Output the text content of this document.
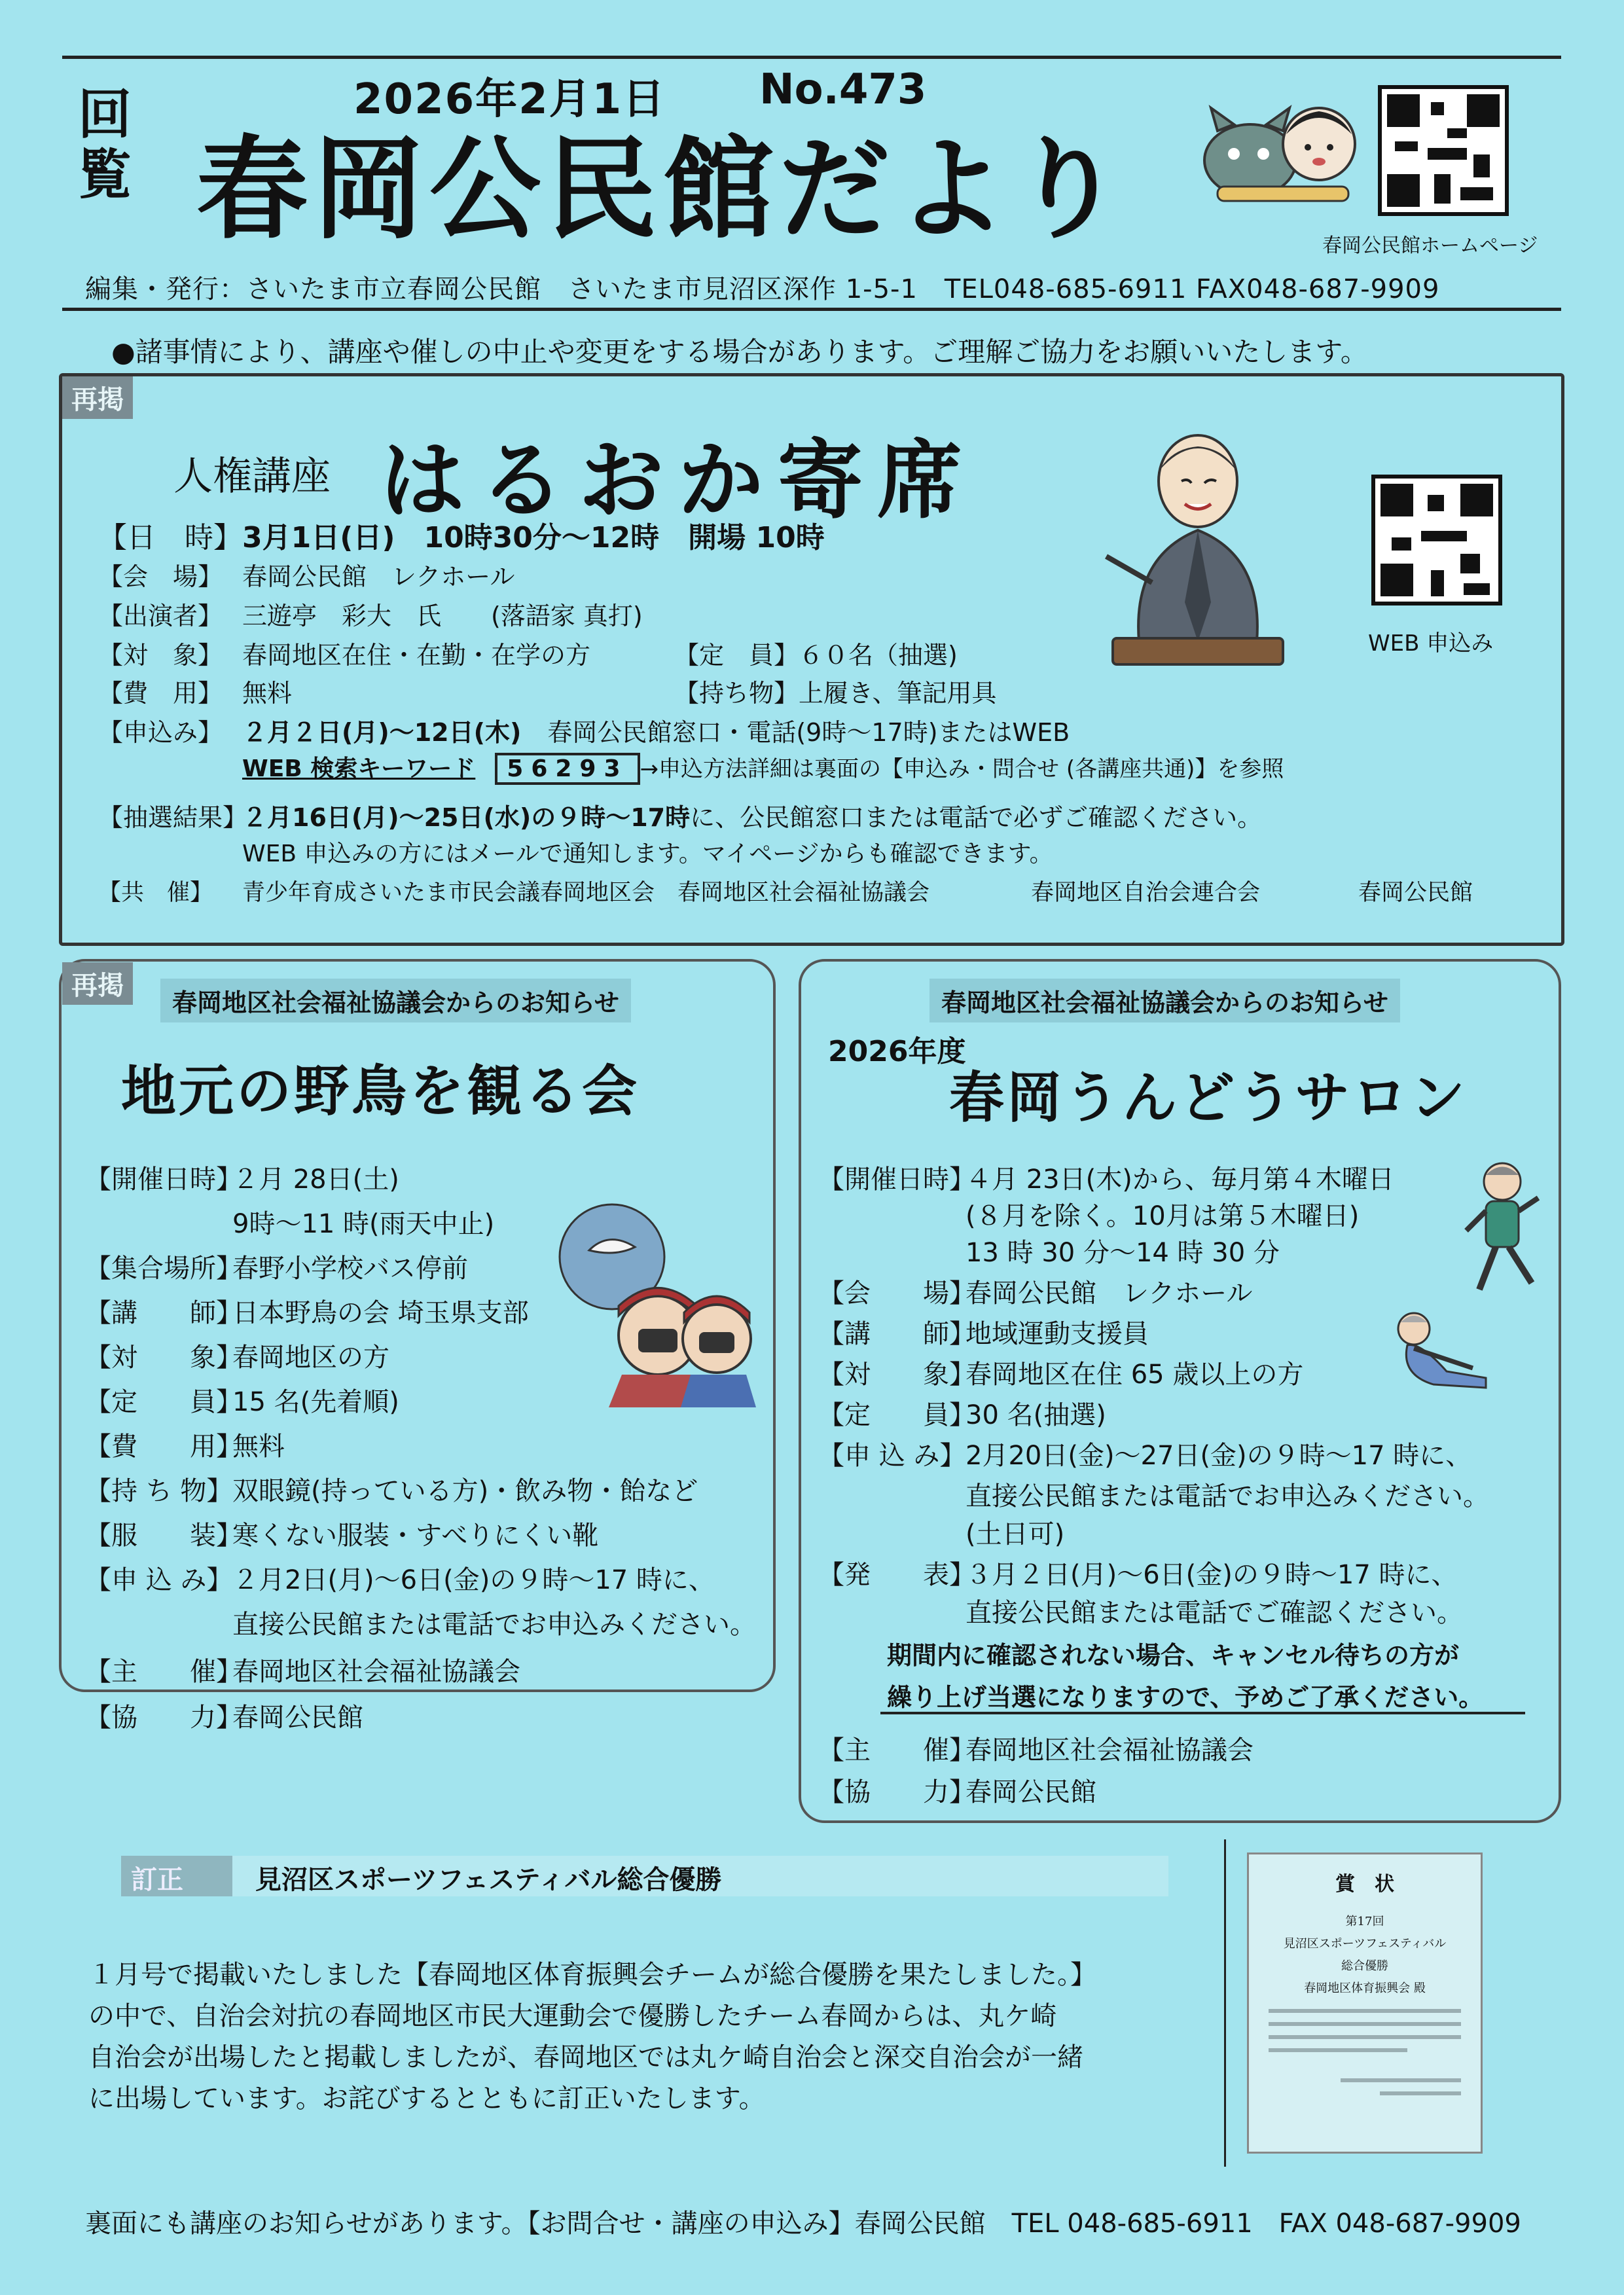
回覧
2026年2月1日 No.473
春岡公民館だより	春岡公民館ホームページ
編集・発行：さいたま市立春岡公民館　さいたま市見沼区深作 1-5-1　TEL048-685-6911 FAX048-687-9909
●諸事情により、講座や催しの中止や変更をする場合があります。ご理解ご協力をお願いいたします。
再掲
人権講座 はるおか寄席
WEB 申込み
【日　時】3月1日(日)　10時30分～12時　開場 10時
【会　場】 春岡公民館　レクホール
【出演者】 三遊亭　彩大　氏　　(落語家 真打)
【対　象】 春岡地区在住・在勤・在学の方	【定　員】６０名（抽選)
【費　用】 無料	【持ち物】上履き、筆記用具
【申込み】 ２月２日(月)～12日(木) 春岡公民館窓口・電話(9時～17時)またはWEB
WEB 検索キーワード 56293 →申込方法詳細は裏面の【申込み・問合せ (各講座共通)】を参照
【抽選結果】２月16日(月)～25日(水)の９時～17時に、公民館窓口または電話で必ずご確認ください。
WEB 申込みの方にはメールで通知します。マイページからも確認できます。
【共　催】 青少年育成さいたま市民会議春岡地区会 春岡地区社会福祉協議会	春岡地区自治会連合会	春岡公民館
再掲
春岡地区社会福祉協議会からのお知らせ
地元の野鳥を観る会
【開催日時】２月 28日(土)
9時～11 時(雨天中止)
【集合場所】春野小学校バス停前
【講　　師】日本野鳥の会 埼玉県支部
【対　　象】春岡地区の方
【定　　員】15 名(先着順)
【費　　用】無料
【持 ち 物】双眼鏡(持っている方)・飲み物・飴など
【服　　装】寒くない服装・すべりにくい靴
【申 込 み】２月2日(月)～6日(金)の９時～17 時に、
直接公民館または電話でお申込みください。
【主　　催】春岡地区社会福祉協議会
【協　　力】春岡公民館
春岡地区社会福祉協議会からのお知らせ
2026年度
春岡うんどうサロン
【開催日時】４月 23日(木)から、毎月第４木曜日
(８月を除く。10月は第５木曜日)
13 時 30 分～14 時 30 分
【会　　場】春岡公民館　レクホール
【講　　師】地域運動支援員
【対　　象】春岡地区在住 65 歳以上の方
【定　　員】30 名(抽選)
【申 込 み】2月20日(金)～27日(金)の９時～17 時に、
直接公民館または電話でお申込みください。
(土日可)
【発　　表】３月２日(月)～6日(金)の９時～17 時に、
直接公民館または電話でご確認ください。
期間内に確認されない場合、キャンセル待ちの方が
繰り上げ当選になりますので、予めご了承ください。
【主　　催】春岡地区社会福祉協議会
【協　　力】春岡公民館
訂正	見沼区スポーツフェスティバル総合優勝
１月号で掲載いたしました【春岡地区体育振興会チームが総合優勝を果たしました。】
の中で、自治会対抗の春岡地区市民大運動会で優勝したチーム春岡からは、丸ケ崎
自治会が出場したと掲載しましたが、春岡地区では丸ケ崎自治会と深交自治会が一緒
に出場しています。お詫びするとともに訂正いたします。
賞　状
第17回
見沼区スポーツフェスティバル
総合優勝
春岡地区体育振興会 殿
裏面にも講座のお知らせがあります。【お問合せ・講座の申込み】春岡公民館　TEL 048-685-6911　FAX 048-687-9909
